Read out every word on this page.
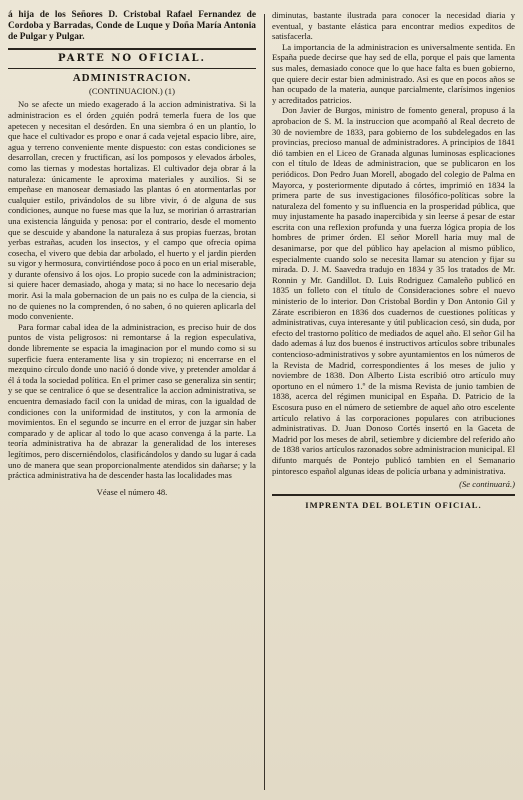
á hija de los Señores D. Cristobal Rafael Fernandez de Cordoba y Barradas, Conde de Luque y Doña María Antonia de Pulgar y Pulgar.

PARTE NO OFICIAL.
ADMINISTRACION.
(CONTINUACION.) (1)

No se afecte un miedo exagerado á la accion administrativa. Si la administracion es el órden ¿quién podrá temerla fuera de los que apetecen y necesitan el desórden. En una siembra ó en un plantío, lo que hace el cultivador es propo e onar á cada vejetal espacio libre, aire, agua y terreno conveniente mente dispuesto: con estas condiciones se desarrollan, crecen y fructifican, así los pomposos y elevados árboles, como las tiernas y modestas hortalizas. El cultivador deja obrar á la naturaleza: únicamente le aproxima materiales y auxilios. Si se empeñase en manosear demasiado las plantas ó en atormentarlas por cualquier estilo, privándolos de su libre vivir, ó de alguna de sus condiciones, aunque no fuese mas que la luz, se moririan ó arrastrarian una existencia lánguida y penosa: por el contrario, desde el momento que se descuide y abandone la naturaleza á sus propias fuerzas, brotan yerbas estrañas, acuden los insectos, y el campo que ofrecia opima cosecha, el vivero que debia dar arbolado, el huerto y el jardin pierden su vigor y hermosura, convirtiéndose poco á poco en un erial miserable, y durante ofensivo á los ojos. Lo propio sucede con la administracion; si quiere hacer demasiado, ahoga y mata; si no hace lo necesario deja morir. Asi la mala gobernacion de un pais no es culpa de la ciencia, si no de quienes no la comprenden, ó no saben, ó no quieren aplicarla del modo conveniente.

Para formar cabal idea de la administracion, es preciso huir de dos puntos de vista peligrosos: ni remontarse á la region especulativa, donde libremente se espacia la imaginacion por el mundo como si su superficie fuera enteramente lisa y sin tropiezo; ni encerrarse en el mezquino círculo donde uno nació ó donde vive, y pretender amoldar á él á toda la sociedad política. En el primer caso se generaliza sin sentir; y se que se centralice ó que se desentralice la accion administrativa, se encuentra demasiado facil con la unidad de miras, con la igualdad de condiciones con la uniformidad de institutos, y con la armonía de movimientos. En el segundo se incurre en el error de juzgar sin haber comparado y de aplicar al todo lo que acaso convenga á la parte. La teoría administrativa ha de abrazar la generalidad de los intereses legítimos, pero discerniéndolos, clasificándolos y dando su lugar á cada uno de manera que sean proporcionalmente atendidos sin dañarse; y la práctica administrativa ha de descender hasta las localidades mas

Véase el número 48.

diminutas, bastante ilustrada para conocer la necesidad diaria y eventual, y bastante elástica para encontrar medios expeditos de satisfacerla.

La importancia de la administracion es universalmente sentida. En España puede decirse que hay sed de ella, porque el pais que lamenta sus males, demasiado conoce que lo que hace falta es buen gobierno, que quiere decir estar bien administrado. Asi es que en pocos años se han ocupado de la materia, aunque parcialmente, clarísimos ingenios y acreditados patricios.

Don Javier de Burgos, ministro de fomento general, propuso á la aprobacion de S. M. la instruccion que acompañó al Real decreto de 30 de noviembre de 1833, para gobierno de los subdelegados en las provincias, precioso manual de administradores. A principios de 1841 dió tambien en el Liceo de Granada algunas luminosas esplicaciones con el título de Ideas de administracion, que se publicaron en los periódicos. Don Pedro Juan Morell, abogado del colegio de Palma en Mayorca, y posteriormente diputado á córtes, imprimió en 1834 la primera parte de sus investigaciones filosófico-políticas sobre la naturaleza del fomento y su influencia en la prosperidad pública, que muy injustamente ha pasado inapercibida y sin leerse á pesar de estar escrita con una reflexion profunda y una fuerza lógica propia de los hombres de primer órden. El señor Morell haria muy mal de desanimarse, por que del público hay apelacion al mismo público, especialmente cuando solo se necesita llamar su atencion y fijar su mirada. D. J. M. Saavedra tradujo en 1834 y 35 los tratados de Mr. Ronnin y Mr. Gandillot. D. Luis Rodriguez Camaleño publicó en 1835 un folleto con el título de Consideraciones sobre el nuevo ministerio de lo interior. Don Cristobal Bordin y Don Antonio Gil y Zárate escribieron en 1836 dos cuadernos de cuestiones políticas y administrativas, cuya interesante y útil publicacion cesó, sin duda, por efecto del trastorno político de mediados de aquel año. El señor Gil ha dado ademas á luz dos buenos é instructivos artículos sobre tribunales contencioso-administrativos y sobre ayuntamientos en los números de la Revista de Madrid, correspondientes á los meses de julio y noviembre de 1838. Don Alberto Lista escribió otro artículo muy oportuno en el número 1.º de la misma Revista de junio tambien de 1838, acerca del régimen municipal en España. D. Patricio de la Escosura puso en el número de setiembre de aquel año otro escelente artículo relativo á las corporaciones populares con atribuciones administrativas. D. Juan Donoso Cortés insertó en la Gaceta de Madrid por los meses de abril, setiembre y diciembre del referido año de 1838 varios artículos razonados sobre administracion municipal. El difunto marqués de Pontejo publicó tambien en el Semanario pintoresco español algunas ideas de policía urbana y administrativa.

(Se continuará.)
IMPRENTA DEL BOLETIN OFICIAL.
